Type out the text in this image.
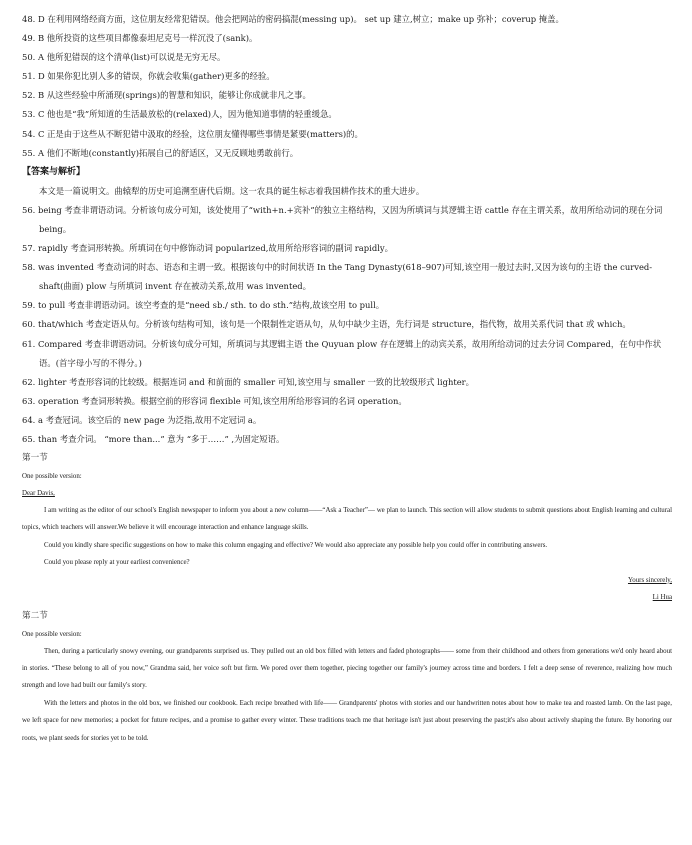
48. D 在利用网络经商方面，这位朋友经常犯错误。他会把网站的密码搞混(messing up)。 set up 建立,树立；make up 弥补；coverup 掩盖。
49. B 他所投资的这些项目都像泰坦尼克号一样沉没了(sank)。
50. A 他所犯错误的这个清单(list)可以说是无穷无尽。
51. D 如果你犯比别人多的错误，你就会收集(gather)更多的经验。
52. B 从这些经验中所涌现(springs)的智慧和知识，能够让你成就非凡之事。
53. C 他也是“我”所知道的生活最放松的(relaxed)人，因为他知道事情的轻重缓急。
54. C 正是由于这些从不断犯错中汲取的经验，这位朋友懂得哪些事情是紧要(matters)的。
55. A 他们不断地(constantly)拓展自己的舒适区，又无反顾地勇敢前行。
【答案与解析】
本文是一篇说明文。曲辕犁的历史可追溯至唐代后期。这一农具的诞生标志着我国耕作技术的重大进步。
56. being 考查非谓语动词。分析该句成分可知，该处使用了“with+n.+宾补”的独立主格结构，又因为所填词与其逻辑主语 cattle 存在主谓关系，故用所给动词的现在分词 being。
57. rapidly 考查词形转换。所填词在句中修饰动词 popularized,故用所给形容词的副词 rapidly。
58. was invented 考查动词的时态、语态和主谓一致。根据该句中的时间状语 In the Tang Dynasty(618–907)可知,该空用一般过去时,又因为该句的主语 the curved-shaft(曲面) plow 与所填词 invent 存在被动关系,故用 was invented。
59. to pull 考查非谓语动词。该空考查的是“need sb./ sth. to do sth.”结构,故该空用 to pull。
60. that/which 考查定语从句。分析该句结构可知，该句是一个限制性定语从句，从句中缺少主语，先行词是 structure，指代物，故用关系代词 that 或 which。
61. Compared 考查非谓语动词。分析该句成分可知，所填词与其逻辑主语 the Quyuan plow 存在逻辑上的动宾关系，故用所给动词的过去分词 Compared，在句中作状语。(首字母小写的不得分。)
62. lighter 考查形容词的比较级。根据连词 and 和前面的 smaller 可知,该空用与 smaller 一致的比较级形式 lighter。
63. operation 考查词形转换。根据空前的形容词 flexible 可知,该空用所给形容词的名词 operation。
64. a 考查冠词。该空后的 new page 为泛指,故用不定冠词 a。
65. than 考查介词。 “more than...” 意为 “多于……” ,为固定短语。
第一节
One possible version:
Dear Davis,
I am writing as the editor of our school's English newspaper to inform you about a new column——“Ask a Teacher”— we plan to launch. This section will allow students to submit questions about English learning and cultural topics, which teachers will answer.We believe it will encourage interaction and enhance language skills.
Could you kindly share specific suggestions on how to make this column engaging and effective? We would also appreciate any possible help you could offer in contributing answers.
Could you please reply at your earliest convenience?
Yours sincerely,
Li Hua
第二节
One possible version:
Then, during a particularly snowy evening, our grandparents surprised us. They pulled out an old box filled with letters and faded photographs—— some from their childhood and others from generations we'd only heard about in stories. “These belong to all of you now,” Grandma said, her voice soft but firm. We pored over them together, piecing together our family's journey across time and borders. I felt a deep sense of reverence, realizing how much strength and love had built our family's story.
With the letters and photos in the old box, we finished our cookbook. Each recipe breathed with life—— Grandparents' photos with stories and our handwritten notes about how to make tea and roasted lamb. On the last page, we left space for new memories; a pocket for future recipes, and a promise to gather every winter. These traditions teach me that heritage isn't just about preserving the past;it's also about actively shaping the future. By honoring our roots, we plant seeds for stories yet to be told.
